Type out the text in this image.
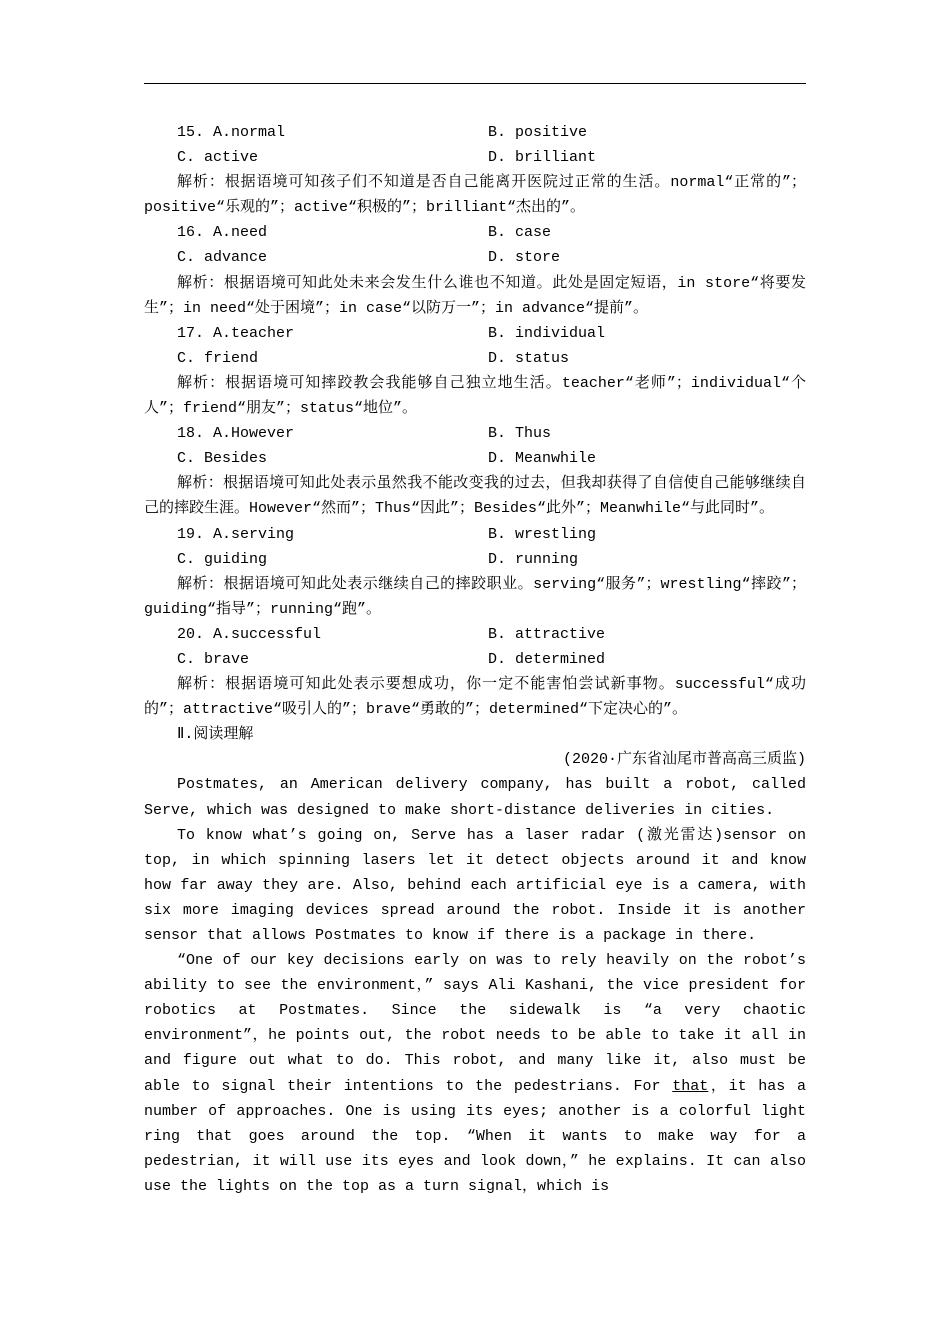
15. A.normal	B. positive
C. active	D. brilliant
解析：根据语境可知孩子们不知道是否自己能离开医院过正常的生活。normal“正常的”；positive“乐观的”；active“积极的”；brilliant“杰出的”。
16. A.need	B. case
C. advance	D. store
解析：根据语境可知此处未来会发生什么谁也不知道。此处是固定短语，in store“将要发生”；in need“处于困境”；in case“以防万一”；in advance“提前”。
17. A.teacher	B. individual
C. friend	D. status
解析：根据语境可知摔跤教会我能够自己独立地生活。teacher“老师”；individual“个人”；friend“朋友”；status“地位”。
18. A.However	B. Thus
C. Besides	D. Meanwhile
解析：根据语境可知此处表示虽然我不能改变我的过去，但我却获得了自信使自己能够继续自己的摔跤生涯。However“然而”；Thus“因此”；Besides“此外”；Meanwhile“与此同时”。
19. A.serving	B. wrestling
C. guiding	D. running
解析：根据语境可知此处表示继续自己的摔跤职业。serving“服务”；wrestling“摔跤”；guiding“指导”；running“跑”。
20. A.successful	B. attractive
C. brave	D. determined
解析：根据语境可知此处表示要想成功，你一定不能害怕尝试新事物。successful“成功的”；attractive“吸引人的”；brave“勇敢的”；determined“下定决心的”。
Ⅱ.阅读理解
(2020·广东省汕尾市普高高三质监)
Postmates, an American delivery company, has built a robot, called Serve, which was designed to make short-distance deliveries in cities.
To know what’s going on, Serve has a laser radar (激光雷达)sensor on top, in which spinning lasers let it detect objects around it and know how far away they are. Also, behind each artificial eye is a camera, with six more imaging devices spread around the robot. Inside it is another sensor that allows Postmates to know if there is a package in there.
“One of our key decisions early on was to rely heavily on the robot’s ability to see the environment，” says Ali Kashani, the vice president for robotics at Postmates. Since the sidewalk is “a very chaotic environment”，he points out, the robot needs to be able to take it all in and figure out what to do. This robot, and many like it, also must be able to signal their intentions to the pedestrians. For that，it has a number of approaches. One is using its eyes; another is a colorful light ring that goes around the top. “When it wants to make way for a pedestrian, it will use its eyes and look down，” he explains. It can also use the lights on the top as a turn signal，which is
